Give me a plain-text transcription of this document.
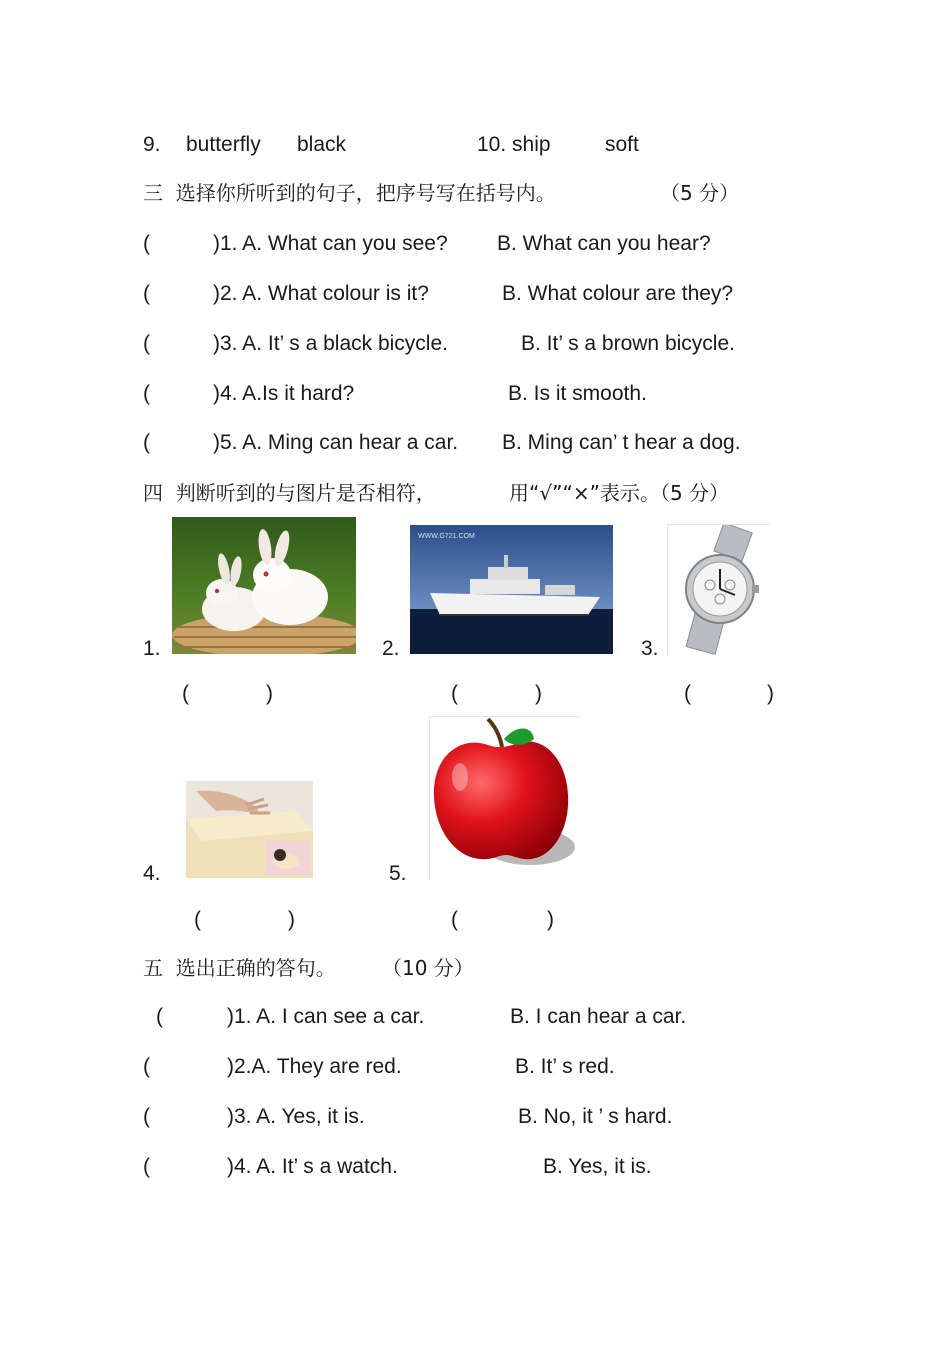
9. butterfly black	10. ship	soft
三  选择你所听到的句子，把序号写在括号内。	（5 分）
(	)1. A. What can you see? B. What can you hear?
(	)2. A. What colour is it?	B. What colour are they?
(	)3. A. It’ s a black bicycle.	B. It’ s a brown bicycle.
(	)4. A.Is it hard?	B. Is it smooth.
(	)5. A. Ming can hear a car. B. Ming can’ t hear a dog.
四  判断听到的与图片是否相符，	用“√”“×”表示。（5 分）
1.	2.
WWW.G721.COM
3.
(	)	(	)	(	)
4.	5.
(	)	(	)
五  选出正确的答句。 （10 分）
(	)1. A. I can see a car.	B. I can hear a car.
(	)2.A. They are red.	B. It’ s red.
(	)3. A. Yes, it is.	B. No, it ’ s hard.
(	)4. A. It’ s a watch.	B. Yes, it is.
